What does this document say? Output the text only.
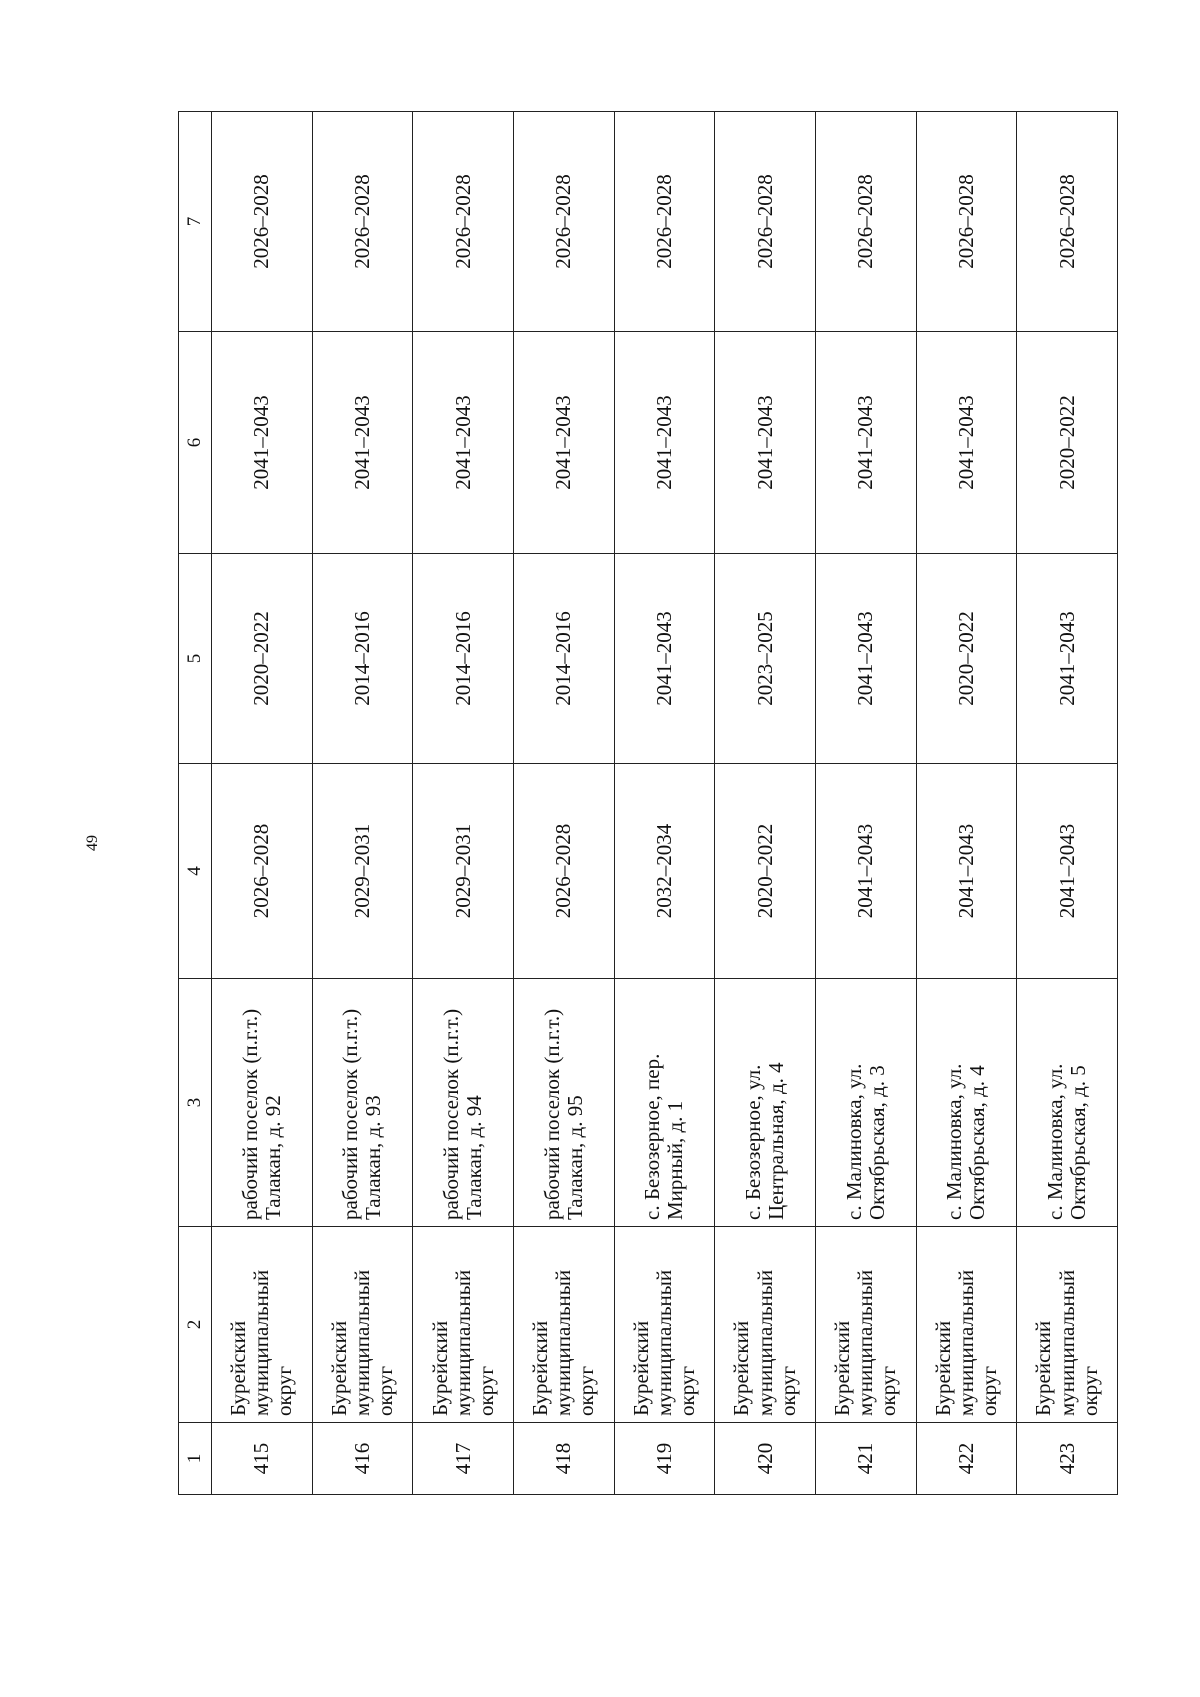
49
1	2	3	4	5	6	7
415	Бурейский муниципальный округ	рабочий поселок (п.г.т.) Талакан, д. 92	2026–2028	2020–2022	2041–2043	2026–2028
416	Бурейский муниципальный округ	рабочий поселок (п.г.т.) Талакан, д. 93	2029–2031	2014–2016	2041–2043	2026–2028
417	Бурейский муниципальный округ	рабочий поселок (п.г.т.) Талакан, д. 94	2029–2031	2014–2016	2041–2043	2026–2028
418	Бурейский муниципальный округ	рабочий поселок (п.г.т.) Талакан, д. 95	2026–2028	2014–2016	2041–2043	2026–2028
419	Бурейский муниципальный округ	с. Безозерное, пер. Мирный, д. 1	2032–2034	2041–2043	2041–2043	2026–2028
420	Бурейский муниципальный округ	с. Безозерное, ул. Центральная, д. 4	2020–2022	2023–2025	2041–2043	2026–2028
421	Бурейский муниципальный округ	с. Малиновка, ул. Октябрьская, д. 3	2041–2043	2041–2043	2041–2043	2026–2028
422	Бурейский муниципальный округ	с. Малиновка, ул. Октябрьская, д. 4	2041–2043	2020–2022	2041–2043	2026–2028
423	Бурейский муниципальный округ	с. Малиновка, ул. Октябрьская, д. 5	2041–2043	2041–2043	2020–2022	2026–2028
